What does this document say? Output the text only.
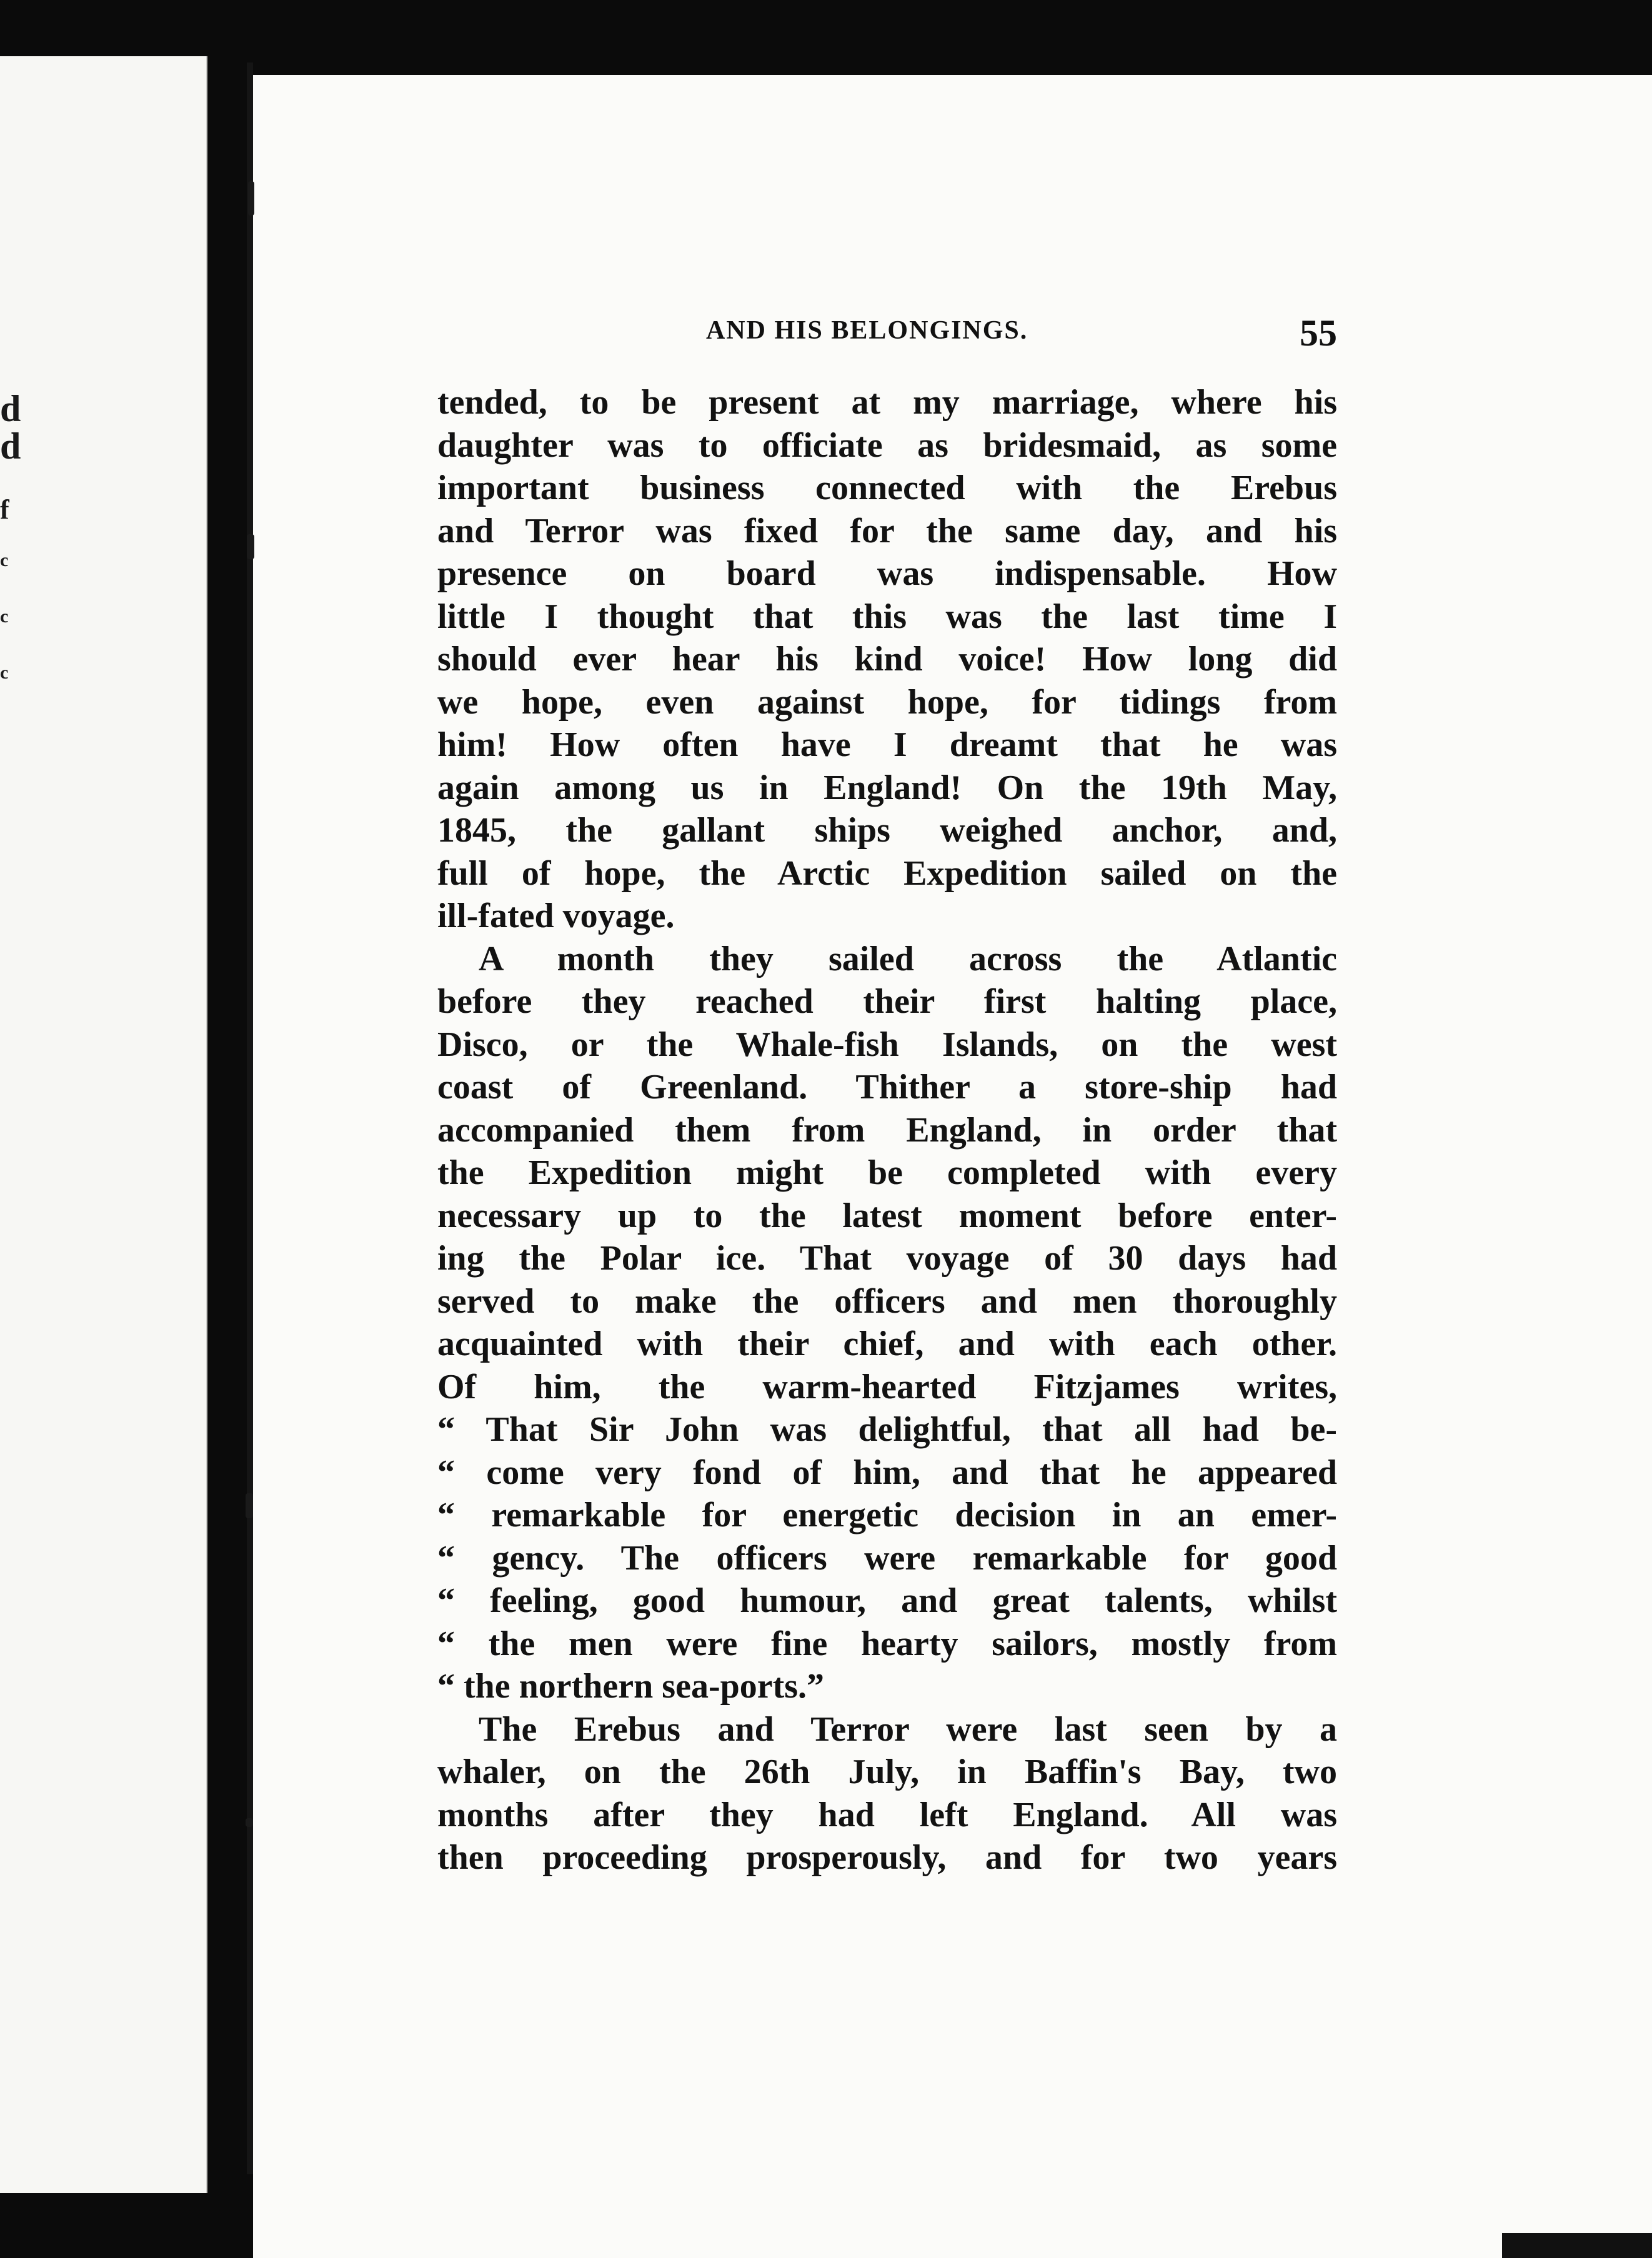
d
d
f
c
c
c
AND HIS BELONGINGS.	55
tended, to be present at my marriage, where his
daughter was to officiate as bridesmaid, as some
important business connected with the Erebus
and Terror was fixed for the same day, and his
presence on board was indispensable. How
little I thought that this was the last time I
should ever hear his kind voice! How long did
we hope, even against hope, for tidings from
him! How often have I dreamt that he was
again among us in England! On the 19th May,
1845, the gallant ships weighed anchor, and,
full of hope, the Arctic Expedition sailed on the
ill-fated voyage.
A month they sailed across the Atlantic
before they reached their first halting place,
Disco, or the Whale-fish Islands, on the west
coast of Greenland. Thither a store-ship had
accompanied them from England, in order that
the Expedition might be completed with every
necessary up to the latest moment before enter-
ing the Polar ice. That voyage of 30 days had
served to make the officers and men thoroughly
acquainted with their chief, and with each other.
Of him, the warm-hearted Fitzjames writes,
“ That Sir John was delightful, that all had be-
“ come very fond of him, and that he appeared
“ remarkable for energetic decision in an emer-
“ gency. The officers were remarkable for good
“ feeling, good humour, and great talents, whilst
“ the men were fine hearty sailors, mostly from
“ the northern sea-ports.”
The Erebus and Terror were last seen by a
whaler, on the 26th July, in Baffin's Bay, two
months after they had left England. All was
then proceeding prosperously, and for two years
